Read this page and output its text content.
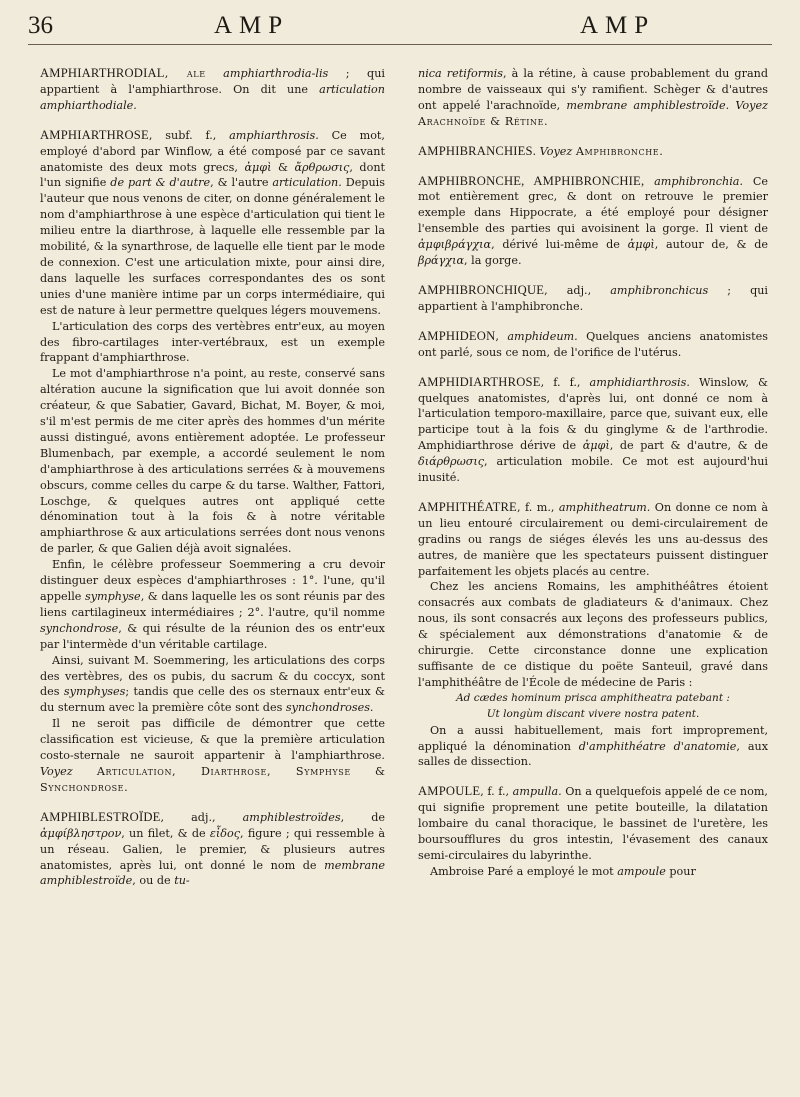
36	AMP	AMP

AMPHIARTHRODIAL, ale amphiarthrodia-lis ; qui appartient à l'amphiarthrose. On dit une articulation amphiarthodiale.

AMPHIARTHROSE, subf. f., amphiarthrosis. Ce mot, employé d'abord par Winflow, a été composé par ce savant anatomiste des deux mots grecs, ἀμφὶ & ἄρθρωσις, dont l'un signifie de part & d'autre, & l'autre articulation. Depuis l'auteur que nous venons de citer, on donne généralement le nom d'amphiarthrose à une espèce d'articulation qui tient le milieu entre la diarthrose, à laquelle elle ressemble par la mobilité, & la synarthrose, de laquelle elle tient par le mode de connexion. C'est une articulation mixte, pour ainsi dire, dans laquelle les surfaces correspondantes des os sont unies d'une manière intime par un corps intermédiaire, qui est de nature à leur permettre quelques légers mouvemens.

L'articulation des corps des vertèbres entr'eux, au moyen des fibro-cartilages inter-vertébraux, est un exemple frappant d'amphiarthrose.

Le mot d'amphiarthrose n'a point, au reste, conservé sans altération aucune la signification que lui avoit donnée son créateur, & que Sabatier, Gavard, Bichat, M. Boyer, & moi, s'il m'est permis de me citer après des hommes d'un mérite aussi distingué, avons entièrement adoptée. Le professeur Blumenbach, par exemple, a accordé seulement le nom d'amphiarthrose à des articulations serrées & à mouvemens obscurs, comme celles du carpe & du tarse. Walther, Fattori, Loschge, & quelques autres ont appliqué cette dénomination tout à la fois & à notre véritable amphiarthrose & aux articulations serrées dont nous venons de parler, & que Galien déjà avoit signalées.

Enfin, le célèbre professeur Soemmering a cru devoir distinguer deux espèces d'amphiarthroses : 1°. l'une, qu'il appelle symphyse, & dans laquelle les os sont réunis par des liens cartilagineux intermédiaires ; 2°. l'autre, qu'il nomme synchondrose, & qui résulte de la réunion des os entr'eux par l'intermède d'un véritable cartilage.

Ainsi, suivant M. Soemmering, les articulations des corps des vertèbres, des os pubis, du sacrum & du coccyx, sont des symphyses; tandis que celle des os sternaux entr'eux & du sternum avec la première côte sont des synchondroses.

Il ne seroit pas difficile de démontrer que cette classification est vicieuse, & que la première articulation costo-sternale ne sauroit appartenir à l'amphiarthrose. Voyez Articulation, Diarthrose, Symphyse & Synchondrose.

AMPHIBLESTROÏDE, adj., amphiblestroïdes, de ἀμφίβληστρον, un filet, & de εἶδος, figure ; qui ressemble à un réseau. Galien, le premier, & plusieurs autres anatomistes, après lui, ont donné le nom de membrane amphiblestroïde, ou de tu-

nica retiformis, à la rétine, à cause probablement du grand nombre de vaisseaux qui s'y ramifient. Schèger & d'autres ont appelé l'arachnoïde, membrane amphiblestroïde. Voyez Arachnoïde & Rétine.

AMPHIBRANCHIES. Voyez Amphibronche.

AMPHIBRONCHE, AMPHIBRONCHIE, amphibronchia. Ce mot entièrement grec, & dont on retrouve le premier exemple dans Hippocrate, a été employé pour désigner l'ensemble des parties qui avoisinent la gorge. Il vient de ἀμφιβράγχια, dérivé lui-même de ἀμφὶ, autour de, & de βράγχια, la gorge.

AMPHIBRONCHIQUE, adj., amphibronchicus ; qui appartient à l'amphibronche.

AMPHIDEON, amphideum. Quelques anciens anatomistes ont parlé, sous ce nom, de l'orifice de l'utérus.

AMPHIDIARTHROSE, f. f., amphidiarthrosis. Winslow, & quelques anatomistes, d'après lui, ont donné ce nom à l'articulation temporo-maxillaire, parce que, suivant eux, elle participe tout à la fois & du ginglyme & de l'arthrodie. Amphidiarthrose dérive de ἀμφὶ, de part & d'autre, & de διάρθρωσις, articulation mobile. Ce mot est aujourd'hui inusité.

AMPHITHÉATRE, f. m., amphitheatrum. On donne ce nom à un lieu entouré circulairement ou demi-circulairement de gradins ou rangs de siéges élevés les uns au-dessus des autres, de manière que les spectateurs puissent distinguer parfaitement les objets placés au centre.

Chez les anciens Romains, les amphithéâtres étoient consacrés aux combats de gladiateurs & d'animaux. Chez nous, ils sont consacrés aux leçons des professeurs publics, & spécialement aux démonstrations d'anatomie & de chirurgie. Cette circonstance donne une explication suffisante de ce distique du poëte Santeuil, gravé dans l'amphithéâtre de l'École de médecine de Paris :

Ad cædes hominum prisca amphitheatra patebant :

Ut longùm discant vivere nostra patent.

On a aussi habituellement, mais fort improprement, appliqué la dénomination d'amphithéatre d'anatomie, aux salles de dissection.

AMPOULE, f. f., ampulla. On a quelquefois appelé de ce nom, qui signifie proprement une petite bouteille, la dilatation lombaire du canal thoracique, le bassinet de l'uretère, les boursoufflures du gros intestin, l'évasement des canaux semi-circulaires du labyrinthe.

Ambroise Paré a employé le mot ampoule pour
